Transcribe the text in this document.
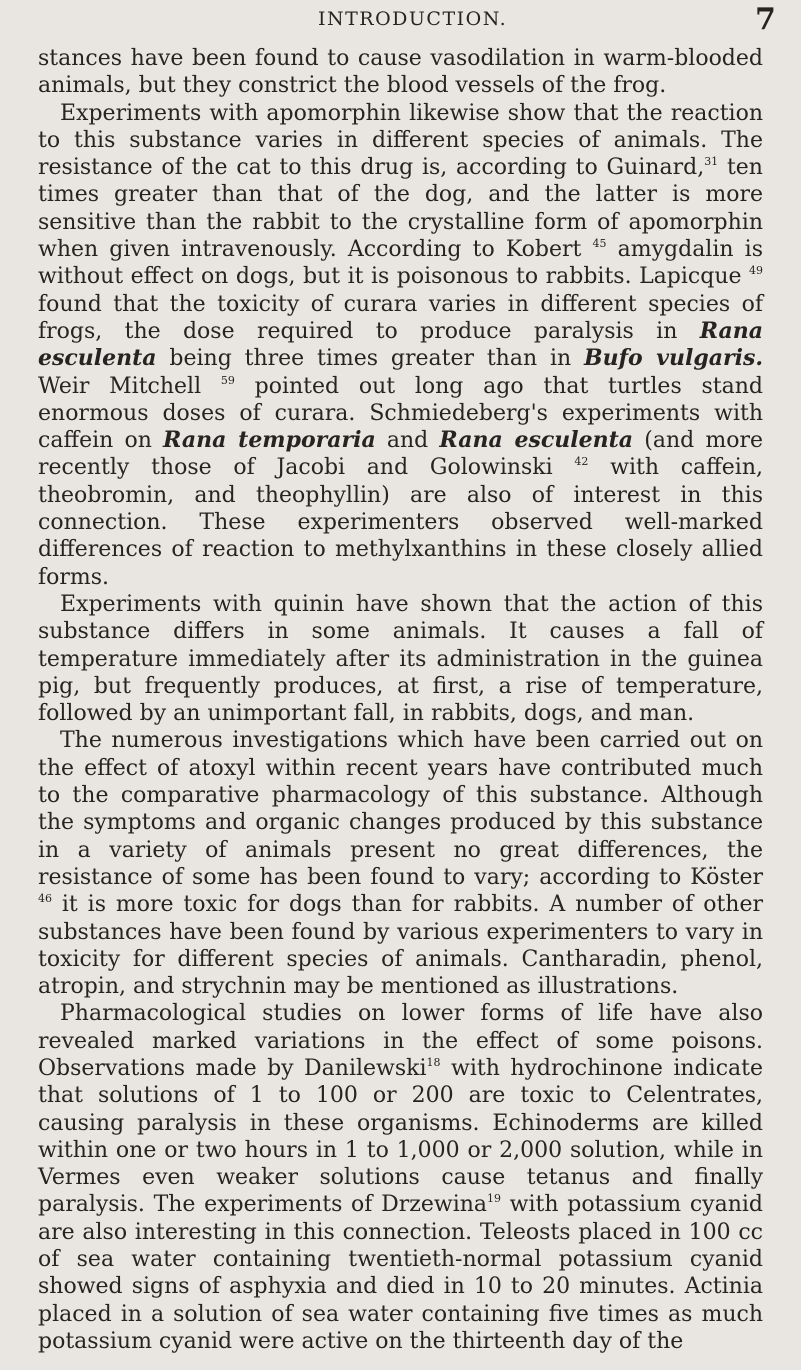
INTRODUCTION.	7

stances have been found to cause vasodilation in warm-blooded animals, but they constrict the blood vessels of the frog.

Experiments with apomorphin likewise show that the reaction to this substance varies in different species of animals. The resistance of the cat to this drug is, according to Guinard,$^{31}$ ten times greater than that of the dog, and the latter is more sensitive than the rabbit to the crystalline form of apomorphin when given intravenously. According to Kobert $^{45}$ amygdalin is without effect on dogs, but it is poisonous to rabbits. Lapicque $^{49}$ found that the toxicity of curara varies in different species of frogs, the dose required to produce paralysis in Rana esculenta being three times greater than in Bufo vulgaris. Weir Mitchell $^{59}$ pointed out long ago that turtles stand enormous doses of curara. Schmiedeberg's experiments with caffein on Rana temporaria and Rana esculenta (and more recently those of Jacobi and Golowinski $^{42}$ with caffein, theobromin, and theophyllin) are also of interest in this connection. These experimenters observed well-marked differences of reaction to methylxanthins in these closely allied forms.

Experiments with quinin have shown that the action of this substance differs in some animals. It causes a fall of temperature immediately after its administration in the guinea pig, but frequently produces, at first, a rise of temperature, followed by an unimportant fall, in rabbits, dogs, and man.

The numerous investigations which have been carried out on the effect of atoxyl within recent years have contributed much to the comparative pharmacology of this substance. Although the symptoms and organic changes produced by this substance in a variety of animals present no great differences, the resistance of some has been found to vary; according to Köster $^{46}$ it is more toxic for dogs than for rabbits. A number of other substances have been found by various experimenters to vary in toxicity for different species of animals. Cantharadin, phenol, atropin, and strychnin may be mentioned as illustrations.

Pharmacological studies on lower forms of life have also revealed marked variations in the effect of some poisons. Observations made by Danilewski$^{18}$ with hydrochinone indicate that solutions of 1 to 100 or 200 are toxic to Celentrates, causing paralysis in these organisms. Echinoderms are killed within one or two hours in 1 to 1,000 or 2,000 solution, while in Vermes even weaker solutions cause tetanus and finally paralysis. The experiments of Drzewina$^{19}$ with potassium cyanid are also interesting in this connection. Teleosts placed in 100 cc of sea water containing twentieth-normal potassium cyanid showed signs of asphyxia and died in 10 to 20 minutes. Actinia placed in a solution of sea water containing five times as much potassium cyanid were active on the thirteenth day of the
